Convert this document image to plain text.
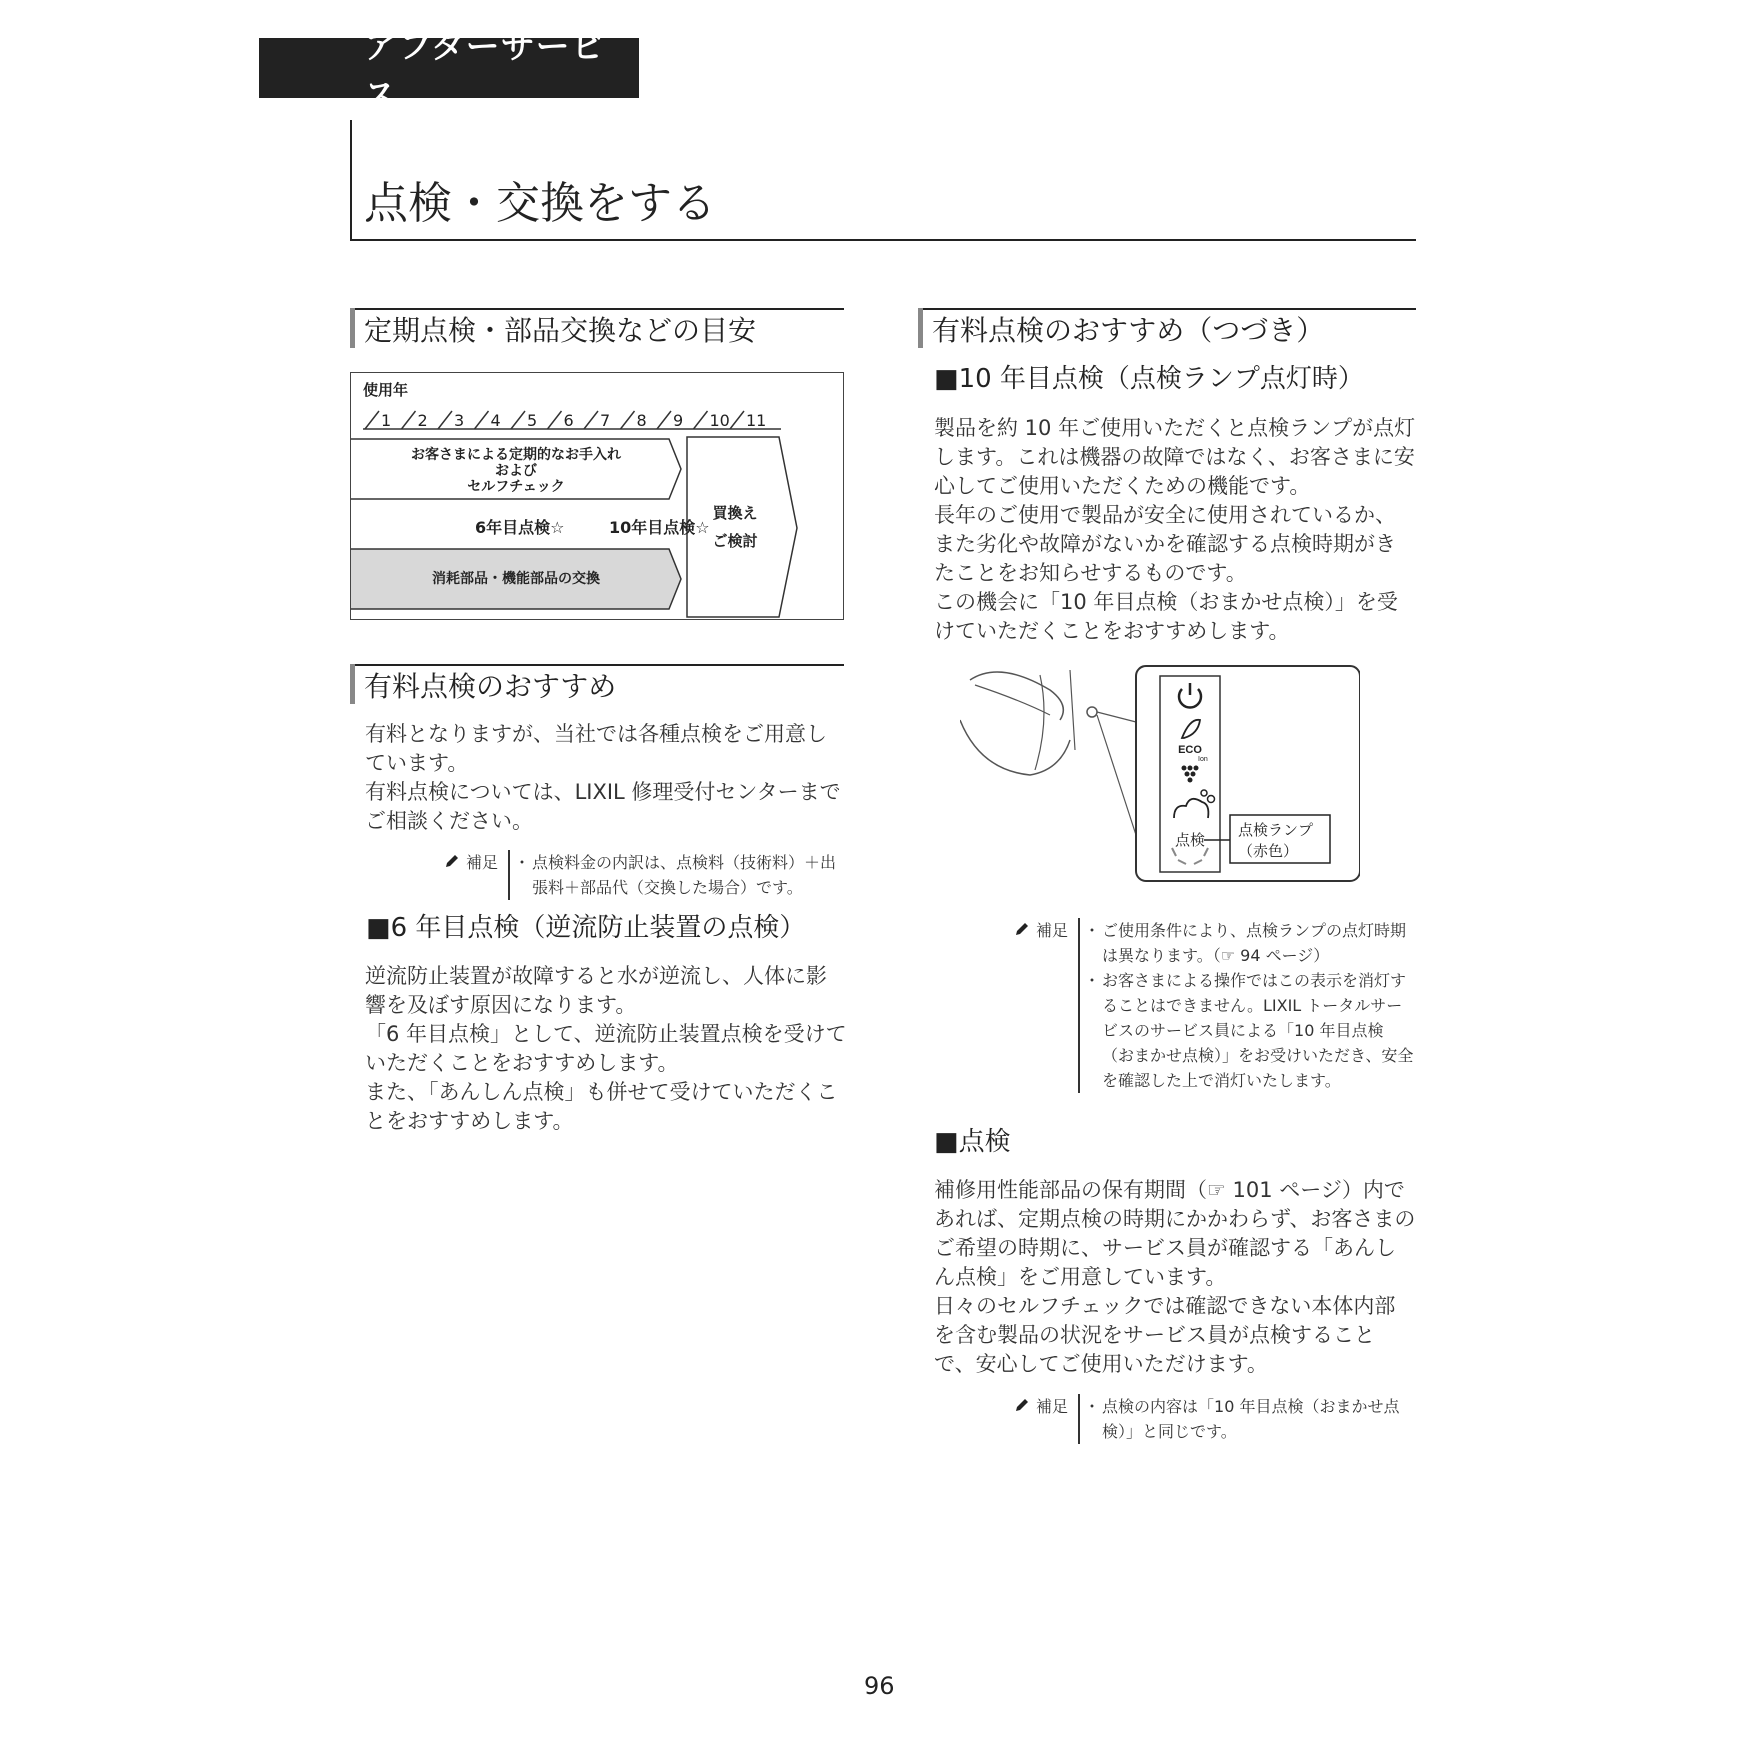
アフターサービス
点検・交換をする
定期点検・部品交換などの目安
使用年
1 2 3 4 5 6 7 8 9 10 11
お客さまによる定期的なお手入れ
および
セルフチェック
6年目点検☆	10年目点検☆
消耗部品・機能部品の交換
買換え
ご検討
有料点検のおすすめ

有料となりますが、当社では各種点検をご用意しています。

有料点検については、LIXIL 修理受付センターまでご相談ください。

補足	・ 点検料金の内訳は、点検料（技術料）＋出張料＋部品代（交換した場合）です。
■6 年目点検（逆流防止装置の点検）

逆流防止装置が故障すると水が逆流し、人体に影響を及ぼす原因になります。

「6 年目点検」として、逆流防止装置点検を受けていただくことをおすすめします。

また、「あんしん点検」も併せて受けていただくことをおすすめします。

有料点検のおすすめ（つづき）
■10 年目点検（点検ランプ点灯時）

製品を約 10 年ご使用いただくと点検ランプが点灯します。これは機器の故障ではなく、お客さまに安心してご使用いただくための機能です。

長年のご使用で製品が安全に使用されているか、また劣化や故障がないかを確認する点検時期がきたことをお知らせするものです。

この機会に「10 年目点検（おまかせ点検）」を受けていただくことをおすすめします。

ECO
Ion
点検
点検ランプ
（赤色）
補足	・ ご使用条件により、点検ランプの点灯時期は異なります。（☞ 94 ページ）
・ お客さまによる操作ではこの表示を消灯することはできません。LIXIL トータルサービスのサービス員による「10 年目点検（おまかせ点検）」をお受けいただき、安全を確認した上で消灯いたします。
■点検

補修用性能部品の保有期間（☞ 101 ページ）内であれば、定期点検の時期にかかわらず、お客さまのご希望の時期に、サービス員が確認する「あんしん点検」をご用意しています。

日々のセルフチェックでは確認できない本体内部を含む製品の状況をサービス員が点検することで、安心してご使用いただけます。

補足	・ 点検の内容は「10 年目点検（おまかせ点検）」と同じです。
96
